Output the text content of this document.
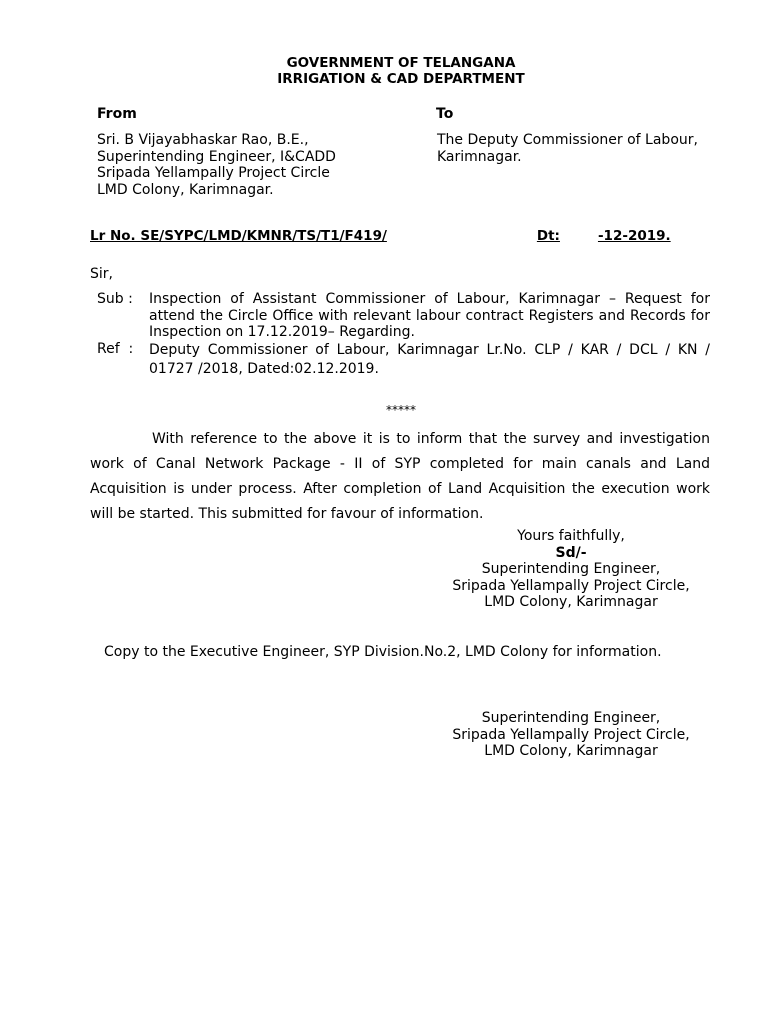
GOVERNMENT OF TELANGANA
IRRIGATION & CAD DEPARTMENT
From
Sri. B Vijayabhaskar Rao, B.E.,
Superintending Engineer, I&CADD
Sripada Yellampally Project Circle
LMD Colony, Karimnagar.
To
The Deputy Commissioner of Labour,
Karimnagar.
Lr No. SE/SYPC/LMD/KMNR/TS/T1/F419/	Dt:	-12-2019.
Sir,
Sub :	Inspection of Assistant Commissioner of Labour, Karimnagar – Request for attend the Circle Office with relevant labour contract Registers and Records for Inspection on 17.12.2019– Regarding.
Ref  :	Deputy Commissioner of Labour, Karimnagar Lr.No. CLP / KAR / DCL / KN / 01727 /2018, Dated:02.12.2019.
*****
With reference to the above it is to inform that the survey and investigation work of Canal Network Package - II of SYP completed for main canals and Land Acquisition is under process. After completion of Land Acquisition the execution work will be started. This submitted for favour of information.
Yours faithfully,
Sd/-
Superintending Engineer,
Sripada Yellampally Project Circle,
LMD Colony, Karimnagar
Copy to the Executive Engineer, SYP Division.No.2, LMD Colony for information.
Superintending Engineer,
Sripada Yellampally Project Circle,
LMD Colony, Karimnagar
